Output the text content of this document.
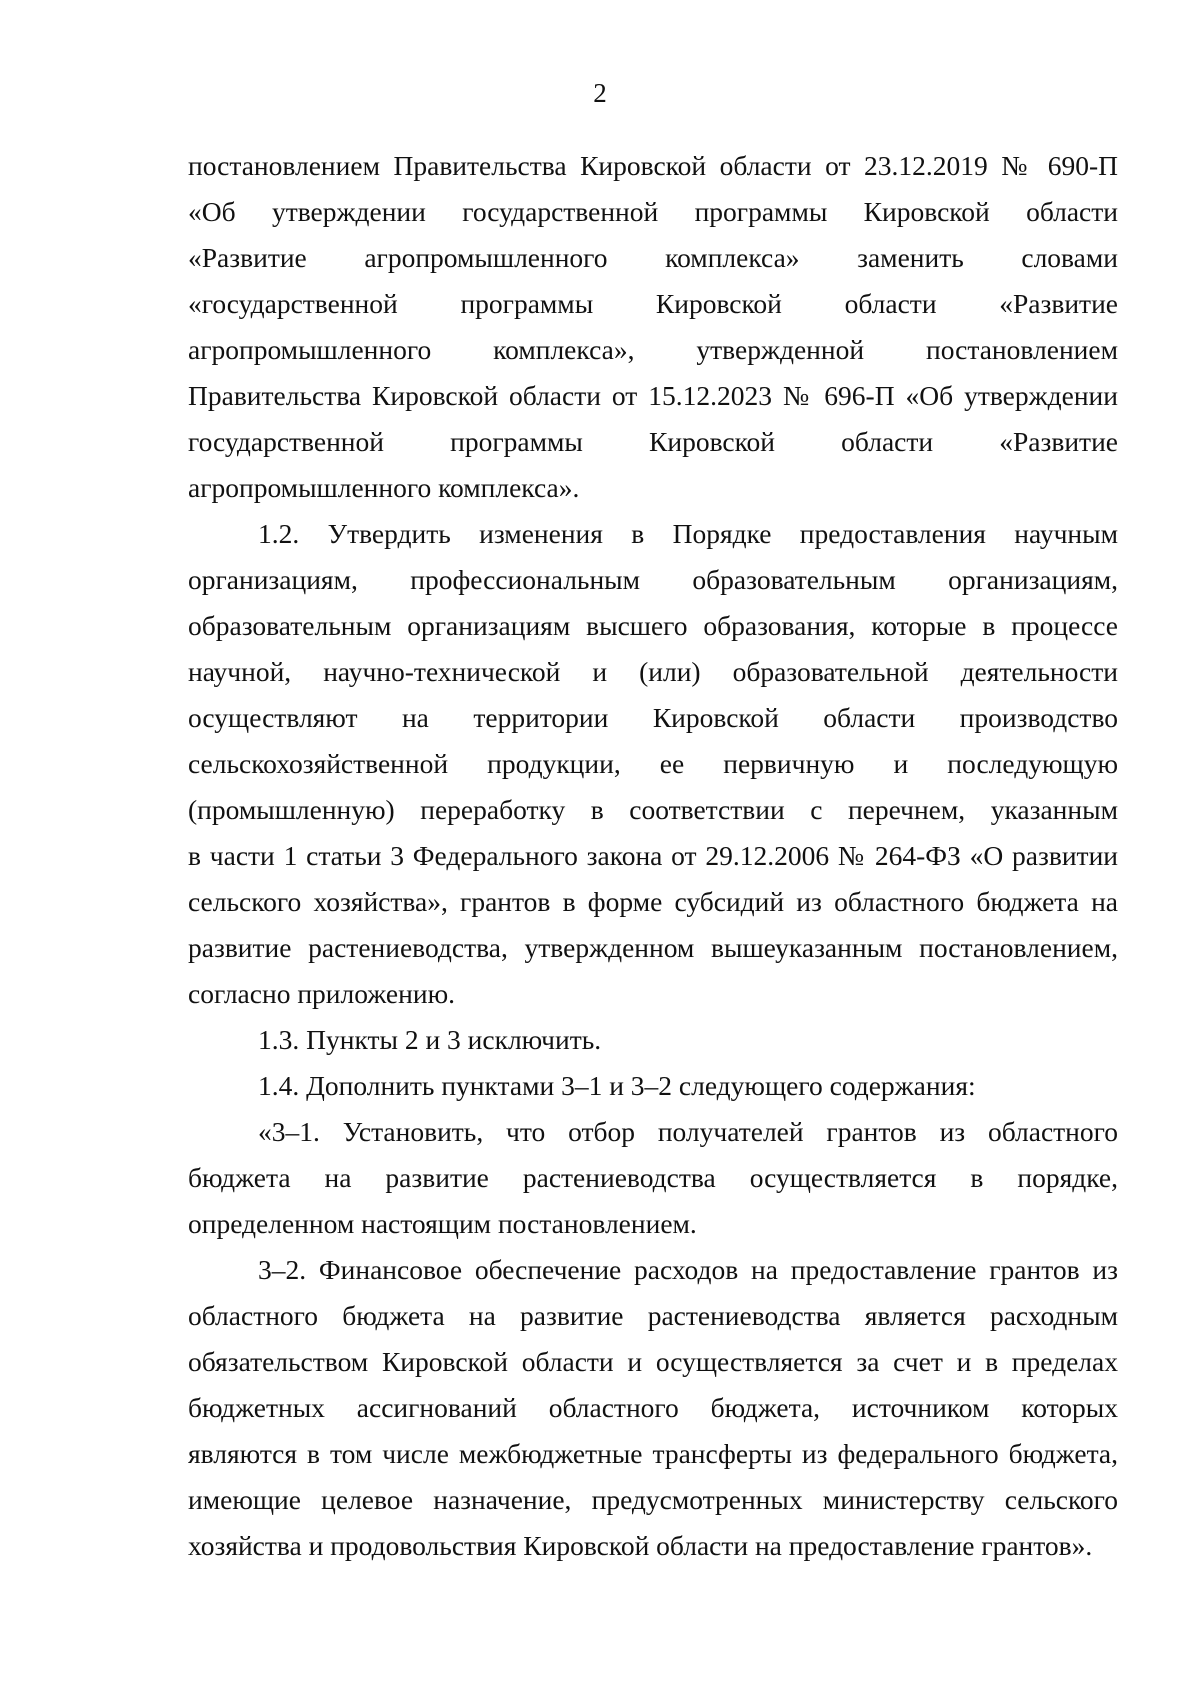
2
постановлением Правительства Кировской области от 23.12.2019 № 690-П
«Об утверждении государственной программы Кировской области
«Развитие агропромышленного комплекса» заменить словами
«государственной программы Кировской области «Развитие
агропромышленного комплекса», утвержденной постановлением
Правительства Кировской области от 15.12.2023 № 696-П «Об утверждении
государственной программы Кировской области «Развитие
агропромышленного комплекса».
1.2. Утвердить изменения в Порядке предоставления научным
организациям, профессиональным образовательным организациям,
образовательным организациям высшего образования, которые в процессе
научной, научно-технической и (или) образовательной деятельности
осуществляют на территории Кировской области производство
сельскохозяйственной продукции, ее первичную и последующую
(промышленную) переработку в соответствии с перечнем, указанным
в части 1 статьи 3 Федерального закона от 29.12.2006 № 264-ФЗ «О развитии
сельского хозяйства», грантов в форме субсидий из областного бюджета на
развитие растениеводства, утвержденном вышеуказанным постановлением,
согласно приложению.
1.3. Пункты 2 и 3 исключить.
1.4. Дополнить пунктами 3–1 и 3–2 следующего содержания:
«3–1. Установить, что отбор получателей грантов из областного
бюджета на развитие растениеводства осуществляется в порядке,
определенном настоящим постановлением.
3–2. Финансовое обеспечение расходов на предоставление грантов из
областного бюджета на развитие растениеводства является расходным
обязательством Кировской области и осуществляется за счет и в пределах
бюджетных ассигнований областного бюджета, источником которых
являются в том числе межбюджетные трансферты из федерального бюджета,
имеющие целевое назначение, предусмотренных министерству сельского
хозяйства и продовольствия Кировской области на предоставление грантов».
